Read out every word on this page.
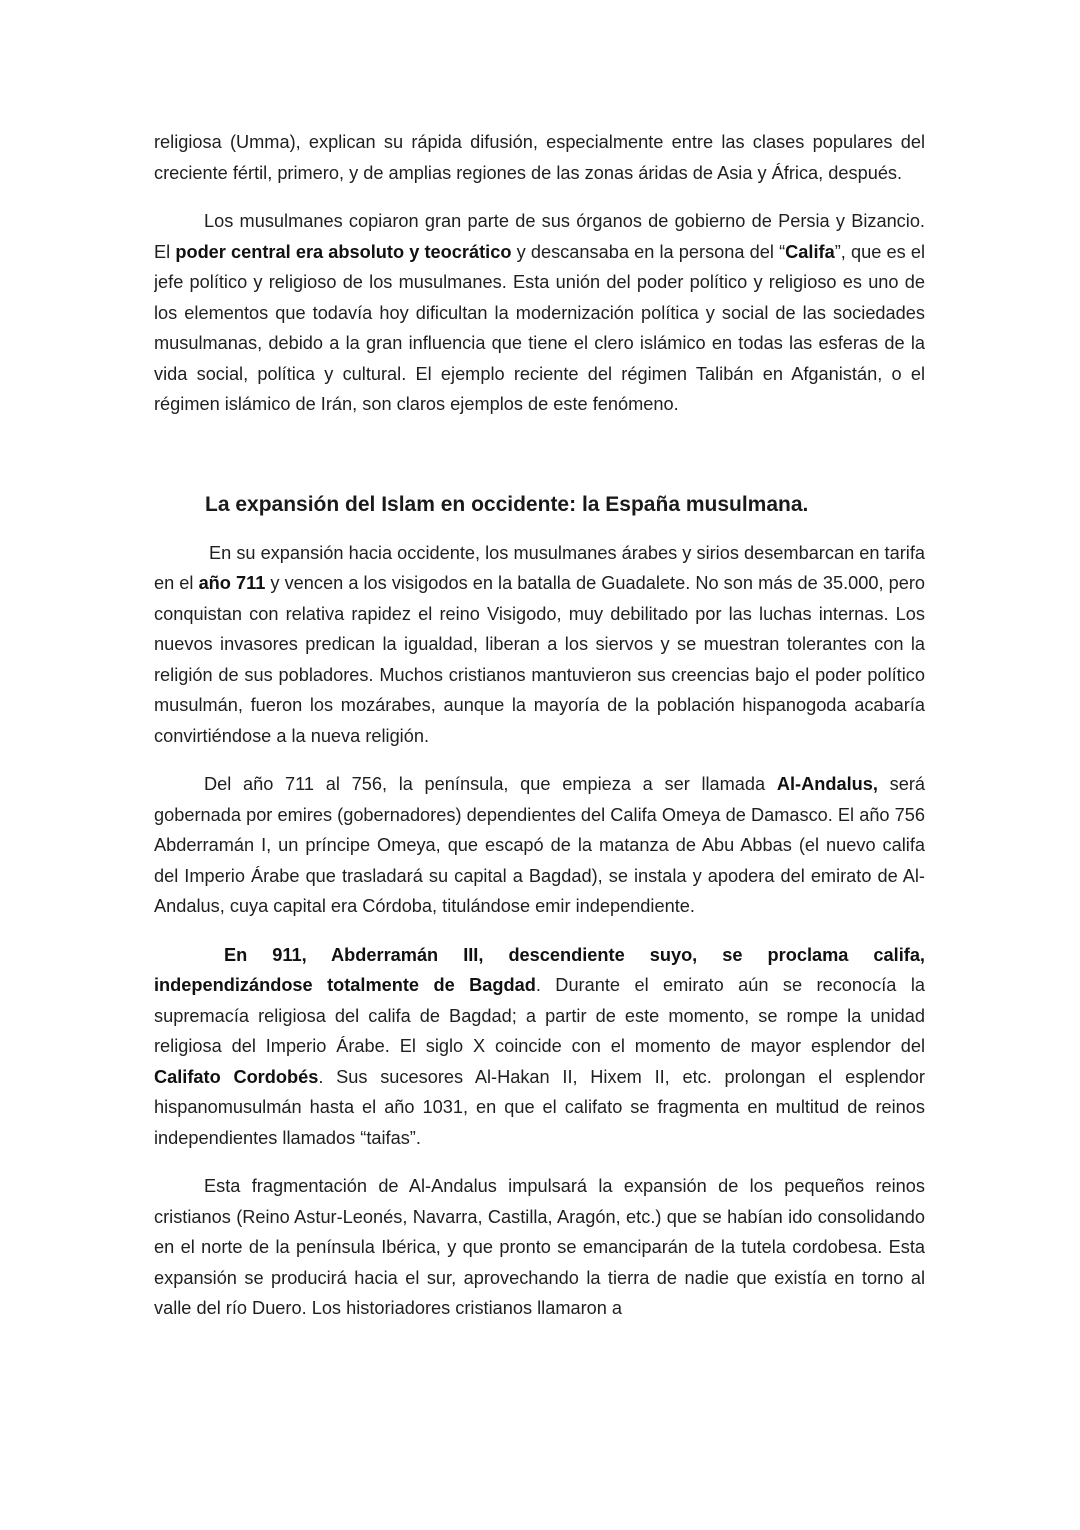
religiosa (Umma), explican su rápida difusión, especialmente entre las clases populares del creciente fértil, primero, y de amplias regiones de las zonas áridas de Asia y África, después.

Los musulmanes copiaron gran parte de sus órganos de gobierno de Persia y Bizancio. El poder central era absoluto y teocrático y descansaba en la persona del “Califa”, que es el jefe político y religioso de los musulmanes. Esta unión del poder político y religioso es uno de los elementos que todavía hoy dificultan la modernización política y social de las sociedades musulmanas, debido a la gran influencia que tiene el clero islámico en todas las esferas de la vida social, política y cultural. El ejemplo reciente del régimen Talibán en Afganistán, o el régimen islámico de Irán, son claros ejemplos de este fenómeno.

La expansión del Islam en occidente: la España musulmana.

En su expansión hacia occidente, los musulmanes árabes y sirios desembarcan en tarifa en el año 711 y vencen a los visigodos en la batalla de Guadalete. No son más de 35.000, pero conquistan con relativa rapidez el reino Visigodo, muy debilitado por las luchas internas. Los nuevos invasores predican la igualdad, liberan a los siervos y se muestran tolerantes con la religión de sus pobladores. Muchos cristianos mantuvieron sus creencias bajo el poder político musulmán, fueron los mozárabes, aunque la mayoría de la población hispanogoda acabaría convirtiéndose a la nueva religión.

Del año 711 al 756, la península, que empieza a ser llamada Al-Andalus, será gobernada por emires (gobernadores) dependientes del Califa Omeya de Damasco. El año 756 Abderramán I, un príncipe Omeya, que escapó de la matanza de Abu Abbas (el nuevo califa del Imperio Árabe que trasladará su capital a Bagdad), se instala y apodera del emirato de Al-Andalus, cuya capital era Córdoba, titulándose emir independiente.

En 911, Abderramán III, descendiente suyo, se proclama califa, independizándose totalmente de Bagdad. Durante el emirato aún se reconocía la supremacía religiosa del califa de Bagdad; a partir de este momento, se rompe la unidad religiosa del Imperio Árabe. El siglo X coincide con el momento de mayor esplendor del Califato Cordobés. Sus sucesores Al-Hakan II, Hixem II, etc. prolongan el esplendor hispanomusulmán hasta el año 1031, en que el califato se fragmenta en multitud de reinos independientes llamados “taifas”.

Esta fragmentación de Al-Andalus impulsará la expansión de los pequeños reinos cristianos (Reino Astur-Leonés, Navarra, Castilla, Aragón, etc.) que se habían ido consolidando en el norte de la península Ibérica, y que pronto se emanciparán de la tutela cordobesa. Esta expansión se producirá hacia el sur, aprovechando la tierra de nadie que existía en torno al valle del río Duero. Los historiadores cristianos llamaron a
